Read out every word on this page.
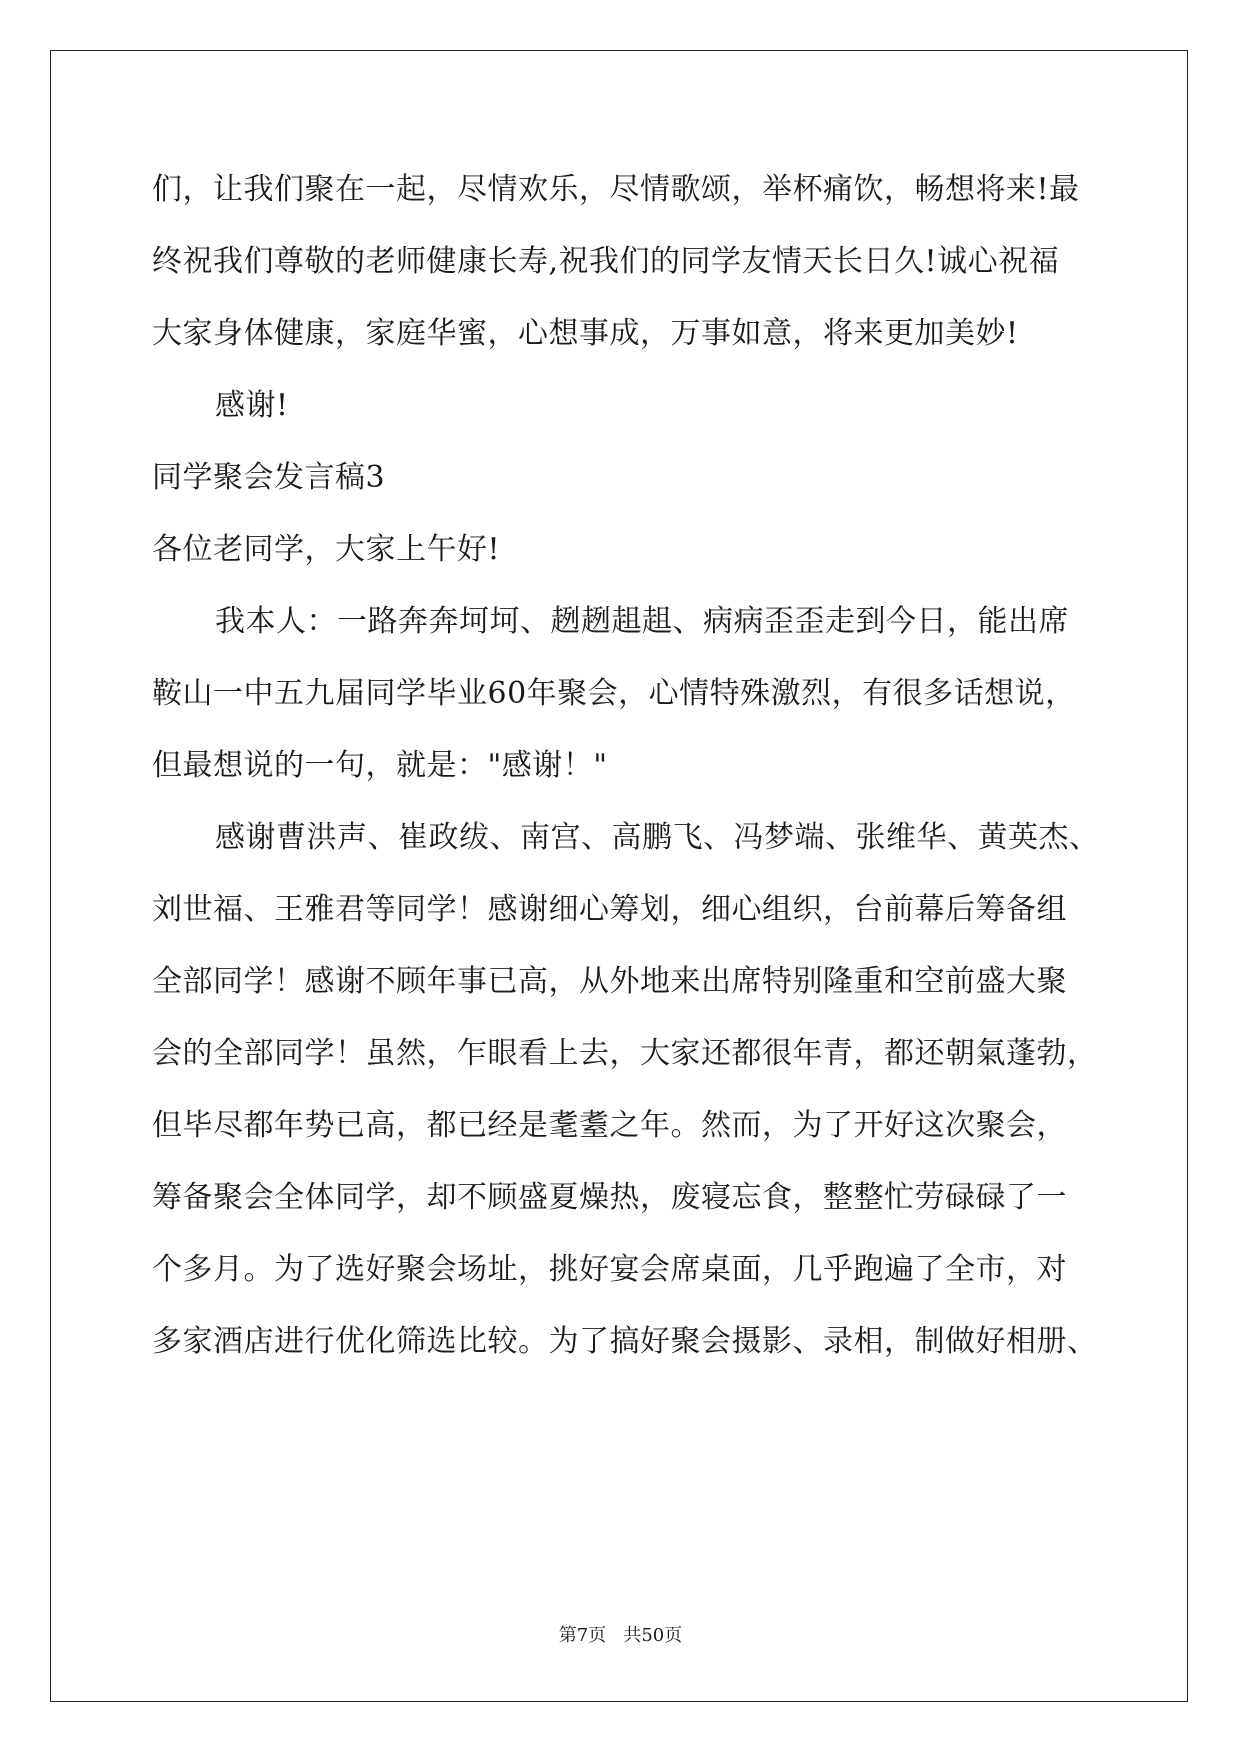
们，让我们聚在一起，尽情欢乐，尽情歌颂，举杯痛饮，畅想将来!最
终祝我们尊敬的老师健康长寿,祝我们的同学友情天长日久!诚心祝福
大家身体健康，家庭华蜜，心想事成，万事如意，将来更加美妙!
感谢!
同学聚会发言稿3
各位老同学，大家上午好!
我本人：一路奔奔坷坷、趔趔趄趄、病病歪歪走到今日，能出席
鞍山一中五九届同学毕业60年聚会，心情特殊激烈，有很多话想说，
但最想说的一句，就是："感谢！"
感谢曹洪声、崔政绂、南宫、高鹏飞、冯梦端、张维华、黄英杰、
刘世福、王雅君等同学！感谢细心筹划，细心组织，台前幕后筹备组
全部同学！感谢不顾年事已高，从外地来出席特别隆重和空前盛大聚
会的全部同学！虽然，乍眼看上去，大家还都很年青，都还朝氣蓬勃，
但毕尽都年势已高，都已经是耄耋之年。然而，为了开好这次聚会，
筹备聚会全体同学，却不顾盛夏燥热，废寝忘食，整整忙劳碌碌了一
个多月。为了选好聚会场址，挑好宴会席桌面，几乎跑遍了全市，对
多家酒店进行优化筛选比较。为了搞好聚会摄影、录相，制做好相册、
第7页   共50页
